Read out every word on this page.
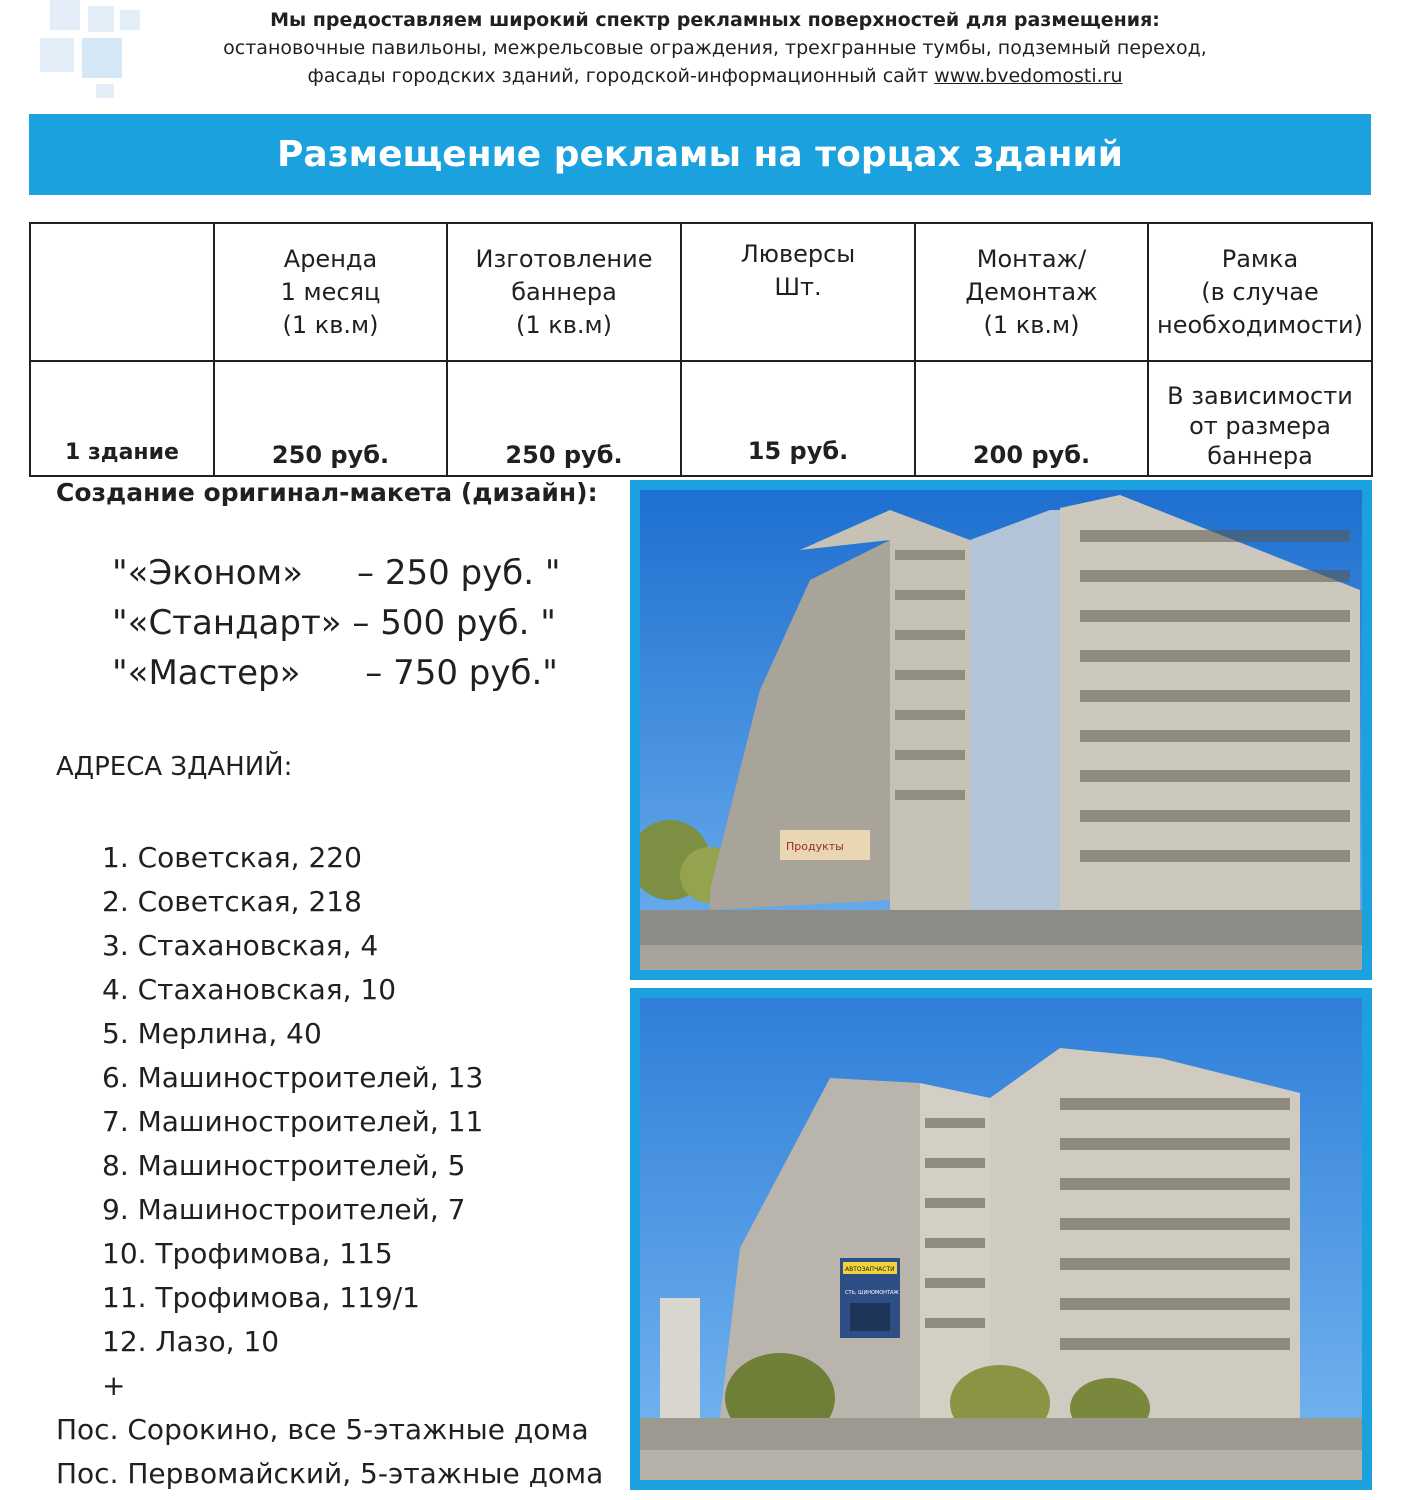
Мы предоставляем широкий спектр рекламных поверхностей для размещения:
остановочные павильоны, межрельсовые ограждения, трехгранные тумбы, подземный переход,
фасады городских зданий, городской-информационный сайт www.bvedomosti.ru
Размещение рекламы на торцах зданий
	Аренда
1 месяц
(1 кв.м)	Изготовление
баннера
(1 кв.м)	Люверсы
Шт.	Монтаж/
Демонтаж
(1 кв.м)	Рамка
(в случае
необходимости)
1 здание	250 руб.	250 руб.	15 руб.	200 руб.	В зависимости
от размера
баннера
Создание оригинал-макета (дизайн):
"«Эконом»     – 250 руб. "
"«Стандарт» – 500 руб. "
"«Мастер»      – 750 руб."
АДРЕСА ЗДАНИЙ:
1. Советская, 220
2. Советская, 218
3. Стахановская, 4
4. Стахановская, 10
5. Мерлина, 40
6. Машиностроителей, 13
7. Машиностроителей, 11
8. Машиностроителей, 5
9. Машиностроителей, 7
10. Трофимова, 115
11. Трофимова, 119/1
12. Лазо, 10
+
Пос. Сорокино, все 5-этажные дома
Пос. Первомайский, 5-этажные дома
Продукты
АВТОЗАПЧАСТИ
СТЬ, ШИНОМОНТАЖ
